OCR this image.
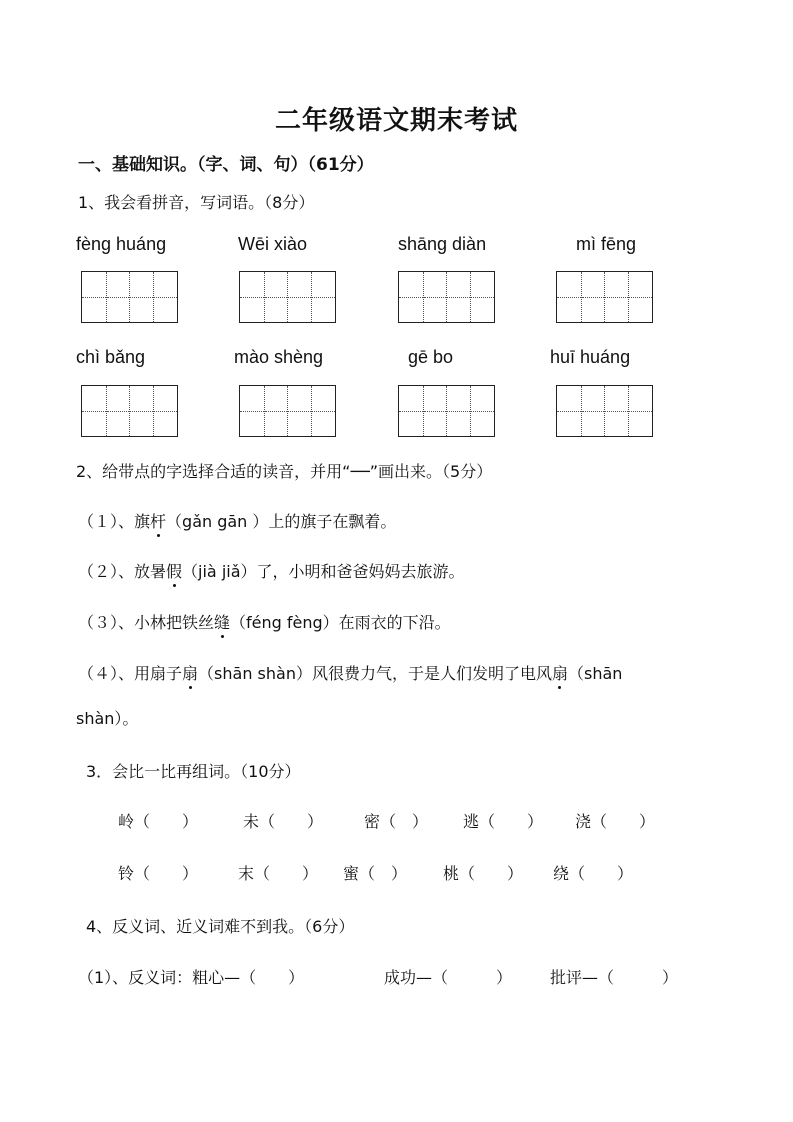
二年级语文期末考试
一、基础知识。（字、词、句）（61分）
1、我会看拼音，写词语。（8分）
fèng huáng	Wēi xiào	shāng diàn	mì fēng
chì bǎng	mào shèng	gē bo	huī huáng
2、给带点的字选择合适的读音，并用“──”画出来。（5分）
（１）、旗杆（gǎn gān ）上的旗子在飘着。
（２）、放暑假（jià jiǎ）了，小明和爸爸妈妈去旅游。
（３）、小林把铁丝缝（féng fèng）在雨衣的下沿。
（４）、用扇子扇（shān shàn）风很费力气，于是人们发明了电风扇（shān
shàn）。
3．会比一比再组词。（10分）
岭（　　）	未（　　）	密（　） 逃（　　） 浇（　　）
铃（　　） 末（　　） 蜜（　） 桃（　　） 绕（　　）
4、反义词、近义词难不到我。（6分）
（1）、反义词：粗心—（　　）	成功—（　　　） 批评—（　　　）
